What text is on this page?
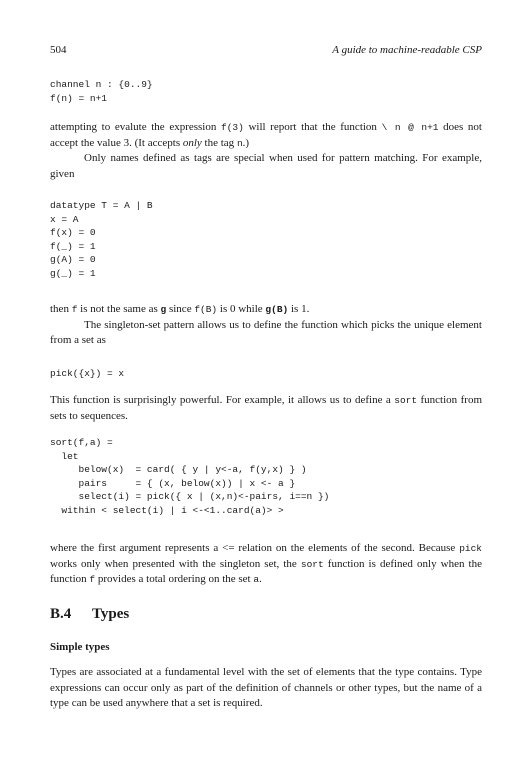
504	A guide to machine-readable CSP
channel n : {0..9}
f(n) = n+1

attempting to evalute the expression f(3) will report that the function \ n @ n+1 does not accept the value 3. (It accepts only the tag n.)

Only names defined as tags are special when used for pattern matching. For example, given

datatype T = A | B
x = A
f(x) = 0
f(_) = 1
g(A) = 0
g(_) = 1

then f is not the same as g since f(B) is 0 while g(B) is 1.

The singleton-set pattern allows us to define the function which picks the unique element from a set as

pick({x}) = x

This function is surprisingly powerful. For example, it allows us to define a sort function from sets to sequences.

sort(f,a) =
let
below(x)  = card( { y | y<-a, f(y,x) } )
pairs     = { (x, below(x)) | x <- a }
select(i) = pick({ x | (x,n)<-pairs, i==n })
within < select(i) | i <-<1..card(a)> >

where the first argument represents a <= relation on the elements of the second. Because pick works only when presented with the singleton set, the sort function is defined only when the function f provides a total ordering on the set a.

B.4 Types
Simple types

Types are associated at a fundamental level with the set of elements that the type contains. Type expressions can occur only as part of the definition of channels or other types, but the name of a type can be used anywhere that a set is required.
